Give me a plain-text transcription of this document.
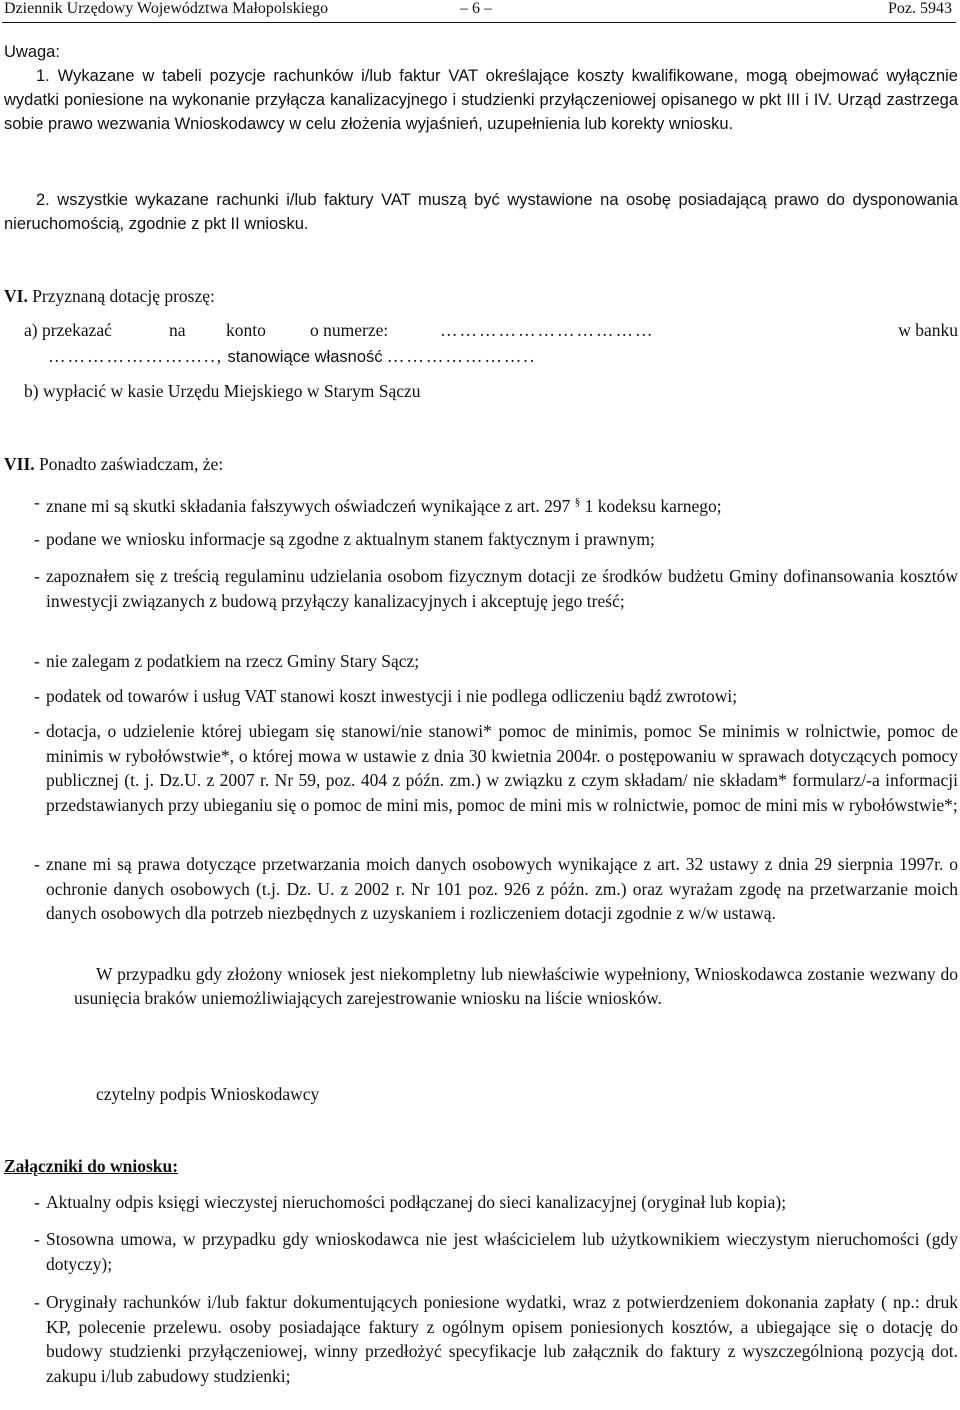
Dziennik Urzędowy Województwa Małopolskiego	– 6 –	Poz. 5943
Uwaga:
1. Wykazane w tabeli pozycje rachunków i/lub faktur VAT określające koszty kwalifikowane, mogą obejmować wyłącznie wydatki poniesione na wykonanie przyłącza kanalizacyjnego i studzienki przyłączeniowej opisanego w pkt III i IV. Urząd zastrzega sobie prawo wezwania Wnioskodawcy w celu złożenia wyjaśnień, uzupełnienia lub korekty wniosku.
2. wszystkie wykazane rachunki i/lub faktury VAT muszą być wystawione na osobę posiadającą prawo do dysponowania nieruchomością, zgodnie z pkt II wniosku.
VI. Przyznaną dotację proszę:
a) przekazać	na konto	o numerze:	……………………………	w banku
…………………….., stanowiące własność …………………..
b) wypłacić w kasie Urzędu Miejskiego w Starym Sączu
VII. Ponadto zaświadczam, że:
- znane mi są skutki składania fałszywych oświadczeń wynikające z art. 297 § 1 kodeksu karnego;
- podane we wniosku informacje są zgodne z aktualnym stanem faktycznym i prawnym;
- zapoznałem się z treścią regulaminu udzielania osobom fizycznym dotacji ze środków budżetu Gminy dofinansowania kosztów inwestycji związanych z budową przyłączy kanalizacyjnych i akceptuję jego treść;
- nie zalegam z podatkiem na rzecz Gminy Stary Sącz;
- podatek od towarów i usług VAT stanowi koszt inwestycji i nie podlega odliczeniu bądź zwrotowi;
- dotacja, o udzielenie której ubiegam się stanowi/nie stanowi* pomoc de minimis, pomoc Se minimis w rolnictwie, pomoc de minimis w rybołówstwie*, o której mowa w ustawie z dnia 30 kwietnia 2004r. o postępowaniu w sprawach dotyczących pomocy publicznej (t. j. Dz.U. z 2007 r. Nr 59, poz. 404 z późn. zm.) w związku z czym składam/ nie składam* formularz/-a informacji przedstawianych przy ubieganiu się o pomoc de mini mis, pomoc de mini mis w rolnictwie, pomoc de mini mis w rybołówstwie*;
- znane mi są prawa dotyczące przetwarzania moich danych osobowych wynikające z art. 32 ustawy z dnia 29 sierpnia 1997r. o ochronie danych osobowych (t.j. Dz. U. z 2002 r. Nr 101 poz. 926 z późn. zm.) oraz wyrażam zgodę na przetwarzanie moich danych osobowych dla potrzeb niezbędnych z uzyskaniem i rozliczeniem dotacji zgodnie z w/w ustawą.
W przypadku gdy złożony wniosek jest niekompletny lub niewłaściwie wypełniony, Wnioskodawca zostanie wezwany do usunięcia braków uniemożliwiających zarejestrowanie wniosku na liście wniosków.
czytelny podpis Wnioskodawcy
Załączniki do wniosku:
- Aktualny odpis księgi wieczystej nieruchomości podłączanej do sieci kanalizacyjnej (oryginał lub kopia);
- Stosowna umowa, w przypadku gdy wnioskodawca nie jest właścicielem lub użytkownikiem wieczystym nieruchomości (gdy dotyczy);
- Oryginały rachunków i/lub faktur dokumentujących poniesione wydatki, wraz z potwierdzeniem dokonania zapłaty ( np.: druk KP, polecenie przelewu. osoby posiadające faktury z ogólnym opisem poniesionych kosztów, a ubiegające się o dotację do budowy studzienki przyłączeniowej, winny przedłożyć specyfikacje lub załącznik do faktury z wyszczególnioną pozycją dot. zakupu i/lub zabudowy studzienki;
